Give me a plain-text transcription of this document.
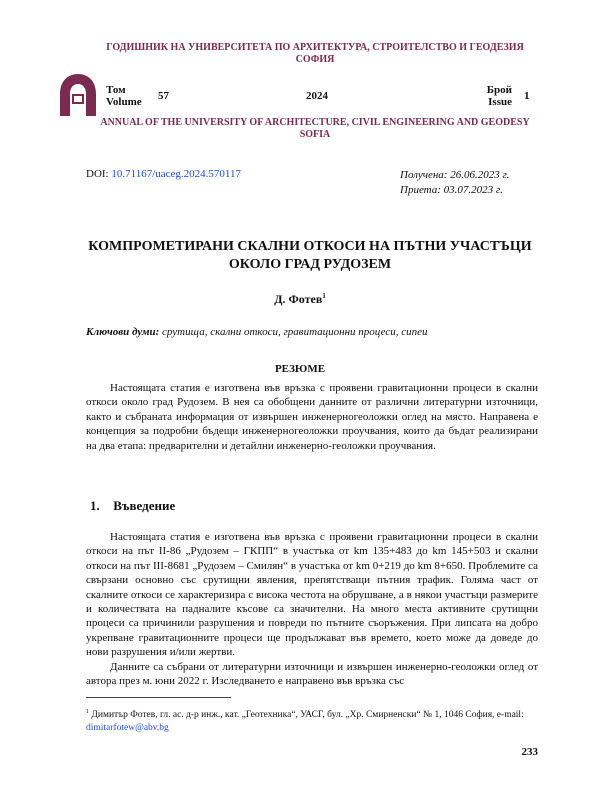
ГОДИШНИК НА УНИВЕРСИТЕТА ПО АРХИТЕКТУРА, СТРОИТЕЛСТВО И ГЕОДЕЗИЯ
СОФИЯ
Том
Volume 57	2024	Брой
Issue 1
ANNUAL OF THE UNIVERSITY OF ARCHITECTURE, CIVIL ENGINEERING AND GEODESY
SOFIA
DOI: 10.71167/uaceg.2024.570117	Получена: 26.06.2023 г.
Приета: 03.07.2023 г.
КОМПРОМЕТИРАНИ СКАЛНИ ОТКОСИ НА ПЪТНИ УЧАСТЪЦИ
ОКОЛО ГРАД РУДОЗЕМ
Д. Фотев$^1$
Ключови думи: срутища, скални откоси, гравитационни процеси, сипеи
РЕЗЮМЕ

Настоящата статия е изготвена във връзка с проявени гравитационни процеси в скални откоси около град Рудозем. В нея са обобщени данните от различни литературни източници, както и събраната информация от извършен инженерногеоложки оглед на място. Направена е концепция за подробни бъдещи инженерногеоложки проучвания, които да бъдат реализирани на два етапа: предварителни и детайлни инженерно-геоложки проучвания.

1. Въведение

Настоящата статия е изготвена във връзка с проявени гравитационни процеси в скални откоси на път II-86 „Рудозем – ГКПП“ в участъка от km 135+483 до km 145+503 и скални откоси на път III-8681 „Рудозем – Смилян“ в участъка от km 0+219 до km 8+650. Проблемите са свързани основно със срутищни явления, препятстващи пътния трафик. Голяма част от скалните откоси се характеризира с висока честота на обрушване, а в някои участъци размерите и количествата на падналите късове са значителни. На много места активните срутищни процеси са причинили разрушения и повреди по пътните съоръжения. При липсата на добро укрепване гравитационните процеси ще продължават във времето, което може да доведе до нови разрушения и/или жертви.

Данните са събрани от литературни източници и извършен инженерно-геоложки оглед от автора през м. юни 2022 г. Изследването е направено във връзка със

$^1$ Димитър Фотев, гл. ас. д-р инж., кат. „Геотехника“, УАСГ, бул. „Хр. Смирненски“ № 1, 1046 София, e-mail: dimitarfotew@abv.bg
233
